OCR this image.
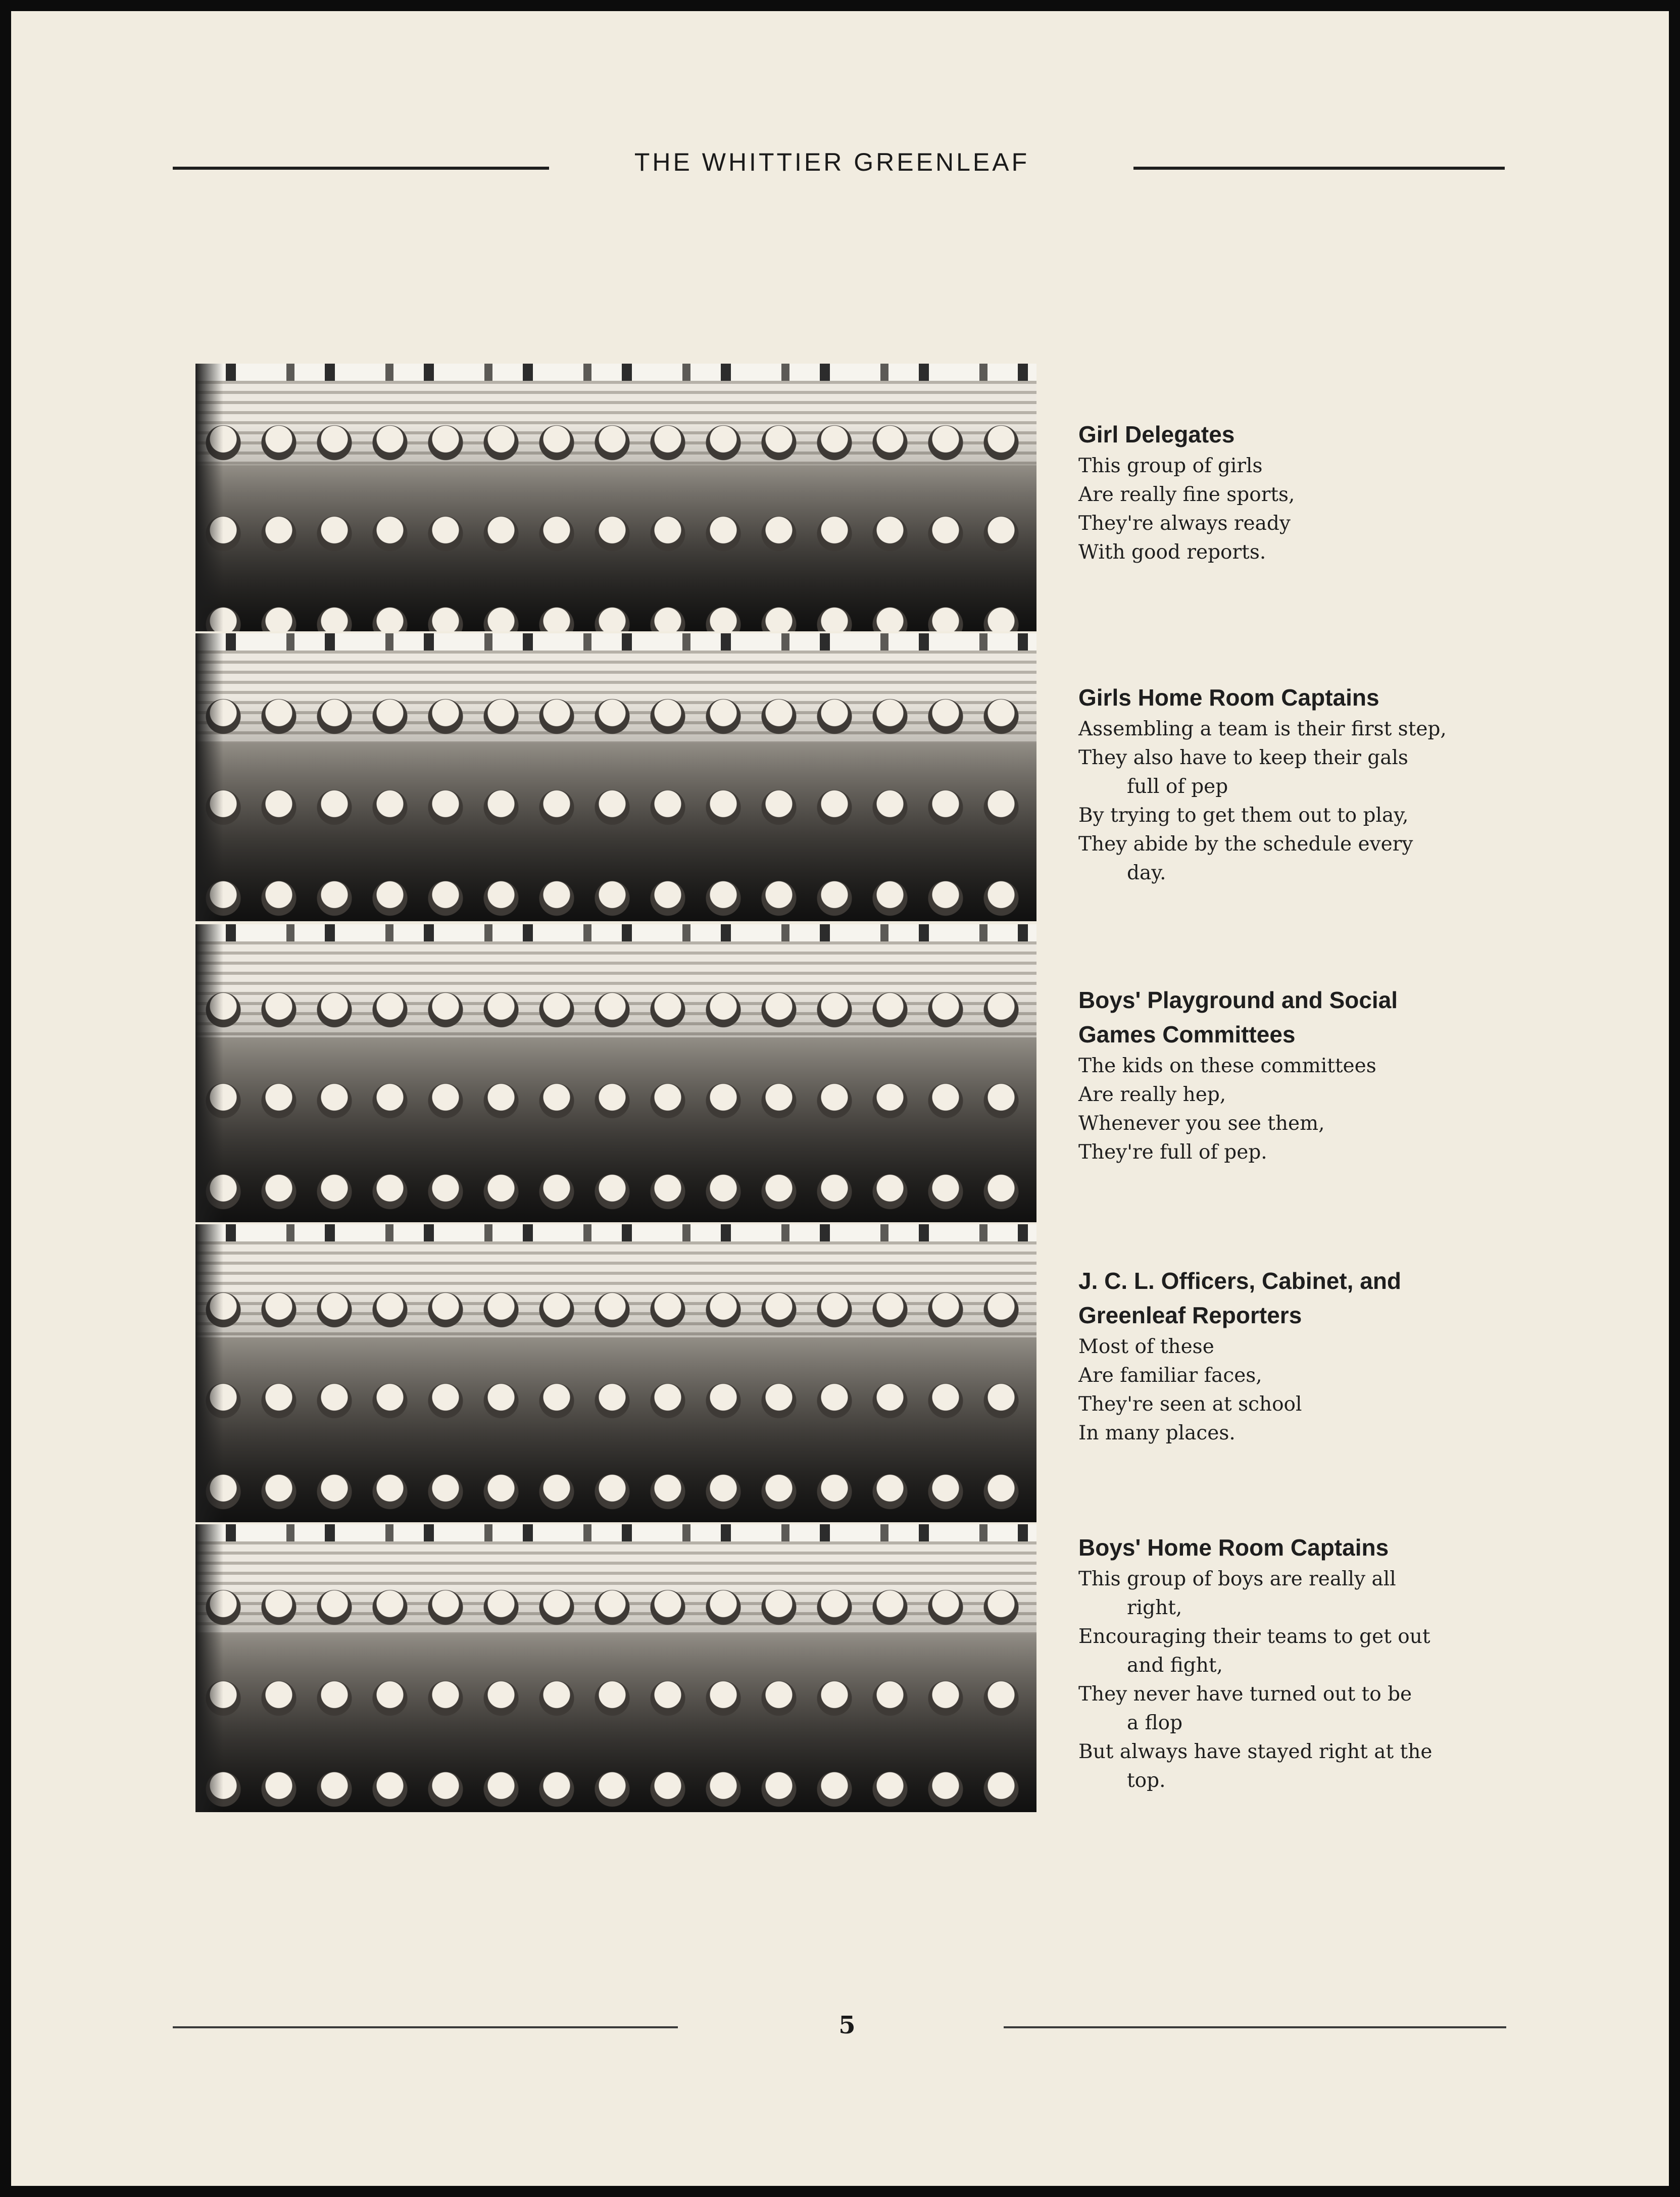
THE WHITTIER GREENLEAF
5

Girl Delegates

This group of girls

Are really fine sports,

They're always ready

With good reports.

Girls Home Room Captains

Assembling a team is their first step,

They also have to keep their gals

full of pep

By trying to get them out to play,

They abide by the schedule every

day.

Boys' Playground and Social

Games Committees

The kids on these committees

Are really hep,

Whenever you see them,

They're full of pep.

J. C. L. Officers, Cabinet, and

Greenleaf Reporters

Most of these

Are familiar faces,

They're seen at school

In many places.

Boys' Home Room Captains

This group of boys are really all

right,

Encouraging their teams to get out

and fight,

They never have turned out to be

a flop

But always have stayed right at the

top.
